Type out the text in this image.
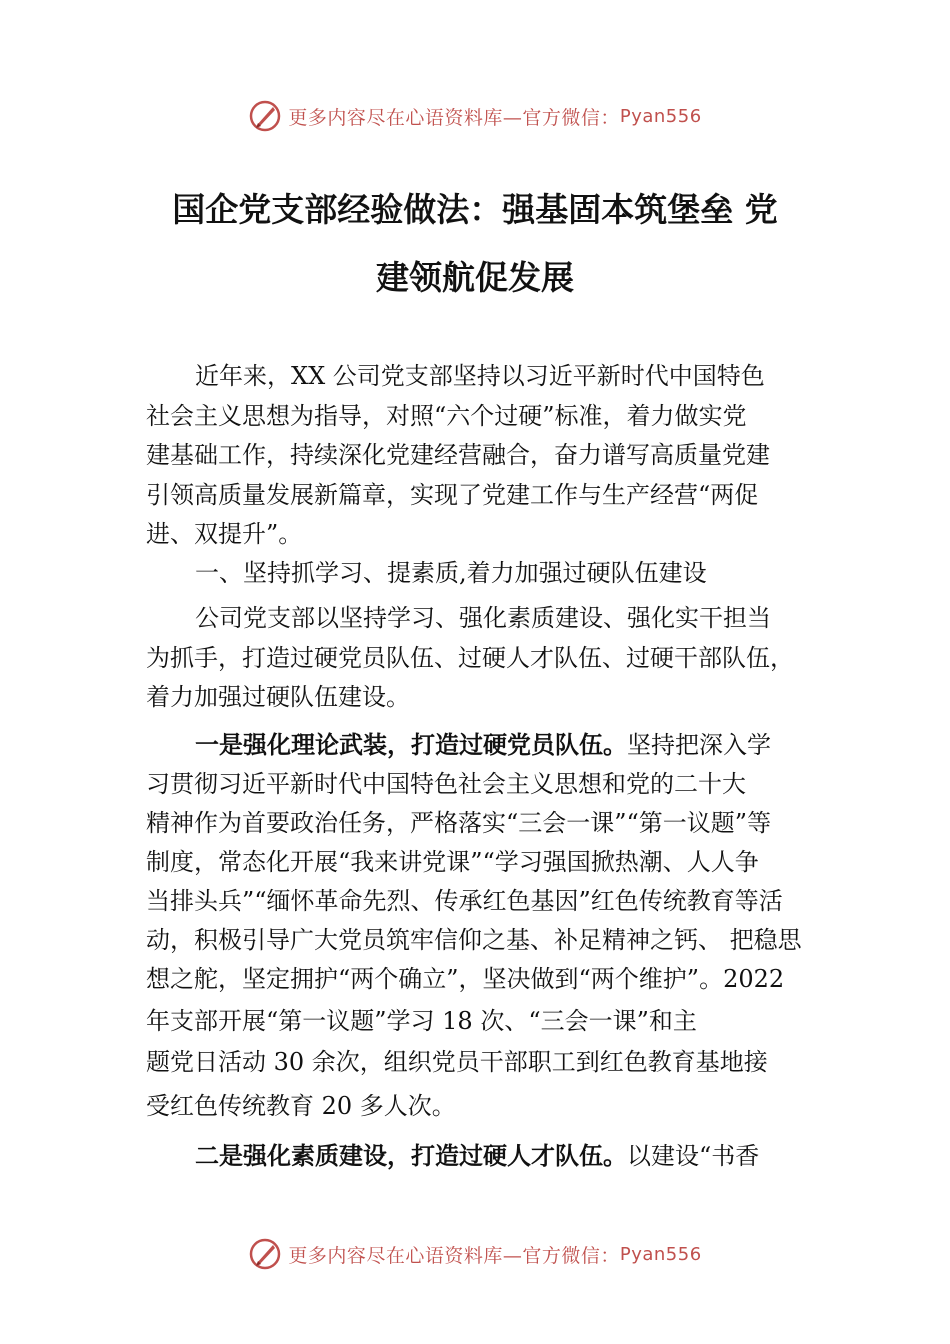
更多内容尽在心语资料库—官方微信： Pyan556
国企党支部经验做法：强基固本筑堡垒 党
建领航促发展
近年来，XX 公司党支部坚持以习近平新时代中国特色
社会主义思想为指导，对照“六个过硬”标准，着力做实党
建基础工作，持续深化党建经营融合，奋力谱写高质量党建
引领高质量发展新篇章，实现了党建工作与生产经营“两促
进、双提升”。
一、坚持抓学习、提素质,着力加强过硬队伍建设
公司党支部以坚持学习、强化素质建设、强化实干担当
为抓手，打造过硬党员队伍、过硬人才队伍、过硬干部队伍，
着力加强过硬队伍建设。
一是强化理论武装，打造过硬党员队伍。坚持把深入学
习贯彻习近平新时代中国特色社会主义思想和党的二十大
精神作为首要政治任务，严格落实“三会一课”“第一议题”等
制度，常态化开展“我来讲党课”“学习强国掀热潮、人人争
当排头兵”“缅怀革命先烈、传承红色基因”红色传统教育等活
动，积极引导广大党员筑牢信仰之基、补足精神之钙、 把稳思
想之舵，坚定拥护“两个确立”，坚决做到“两个维护”。2022
年支部开展“第一议题”学习 18 次、“三会一课”和主
题党日活动 30 余次，组织党员干部职工到红色教育基地接
受红色传统教育 20 多人次。
二是强化素质建设，打造过硬人才队伍。以建设“书香
更多内容尽在心语资料库—官方微信： Pyan556
